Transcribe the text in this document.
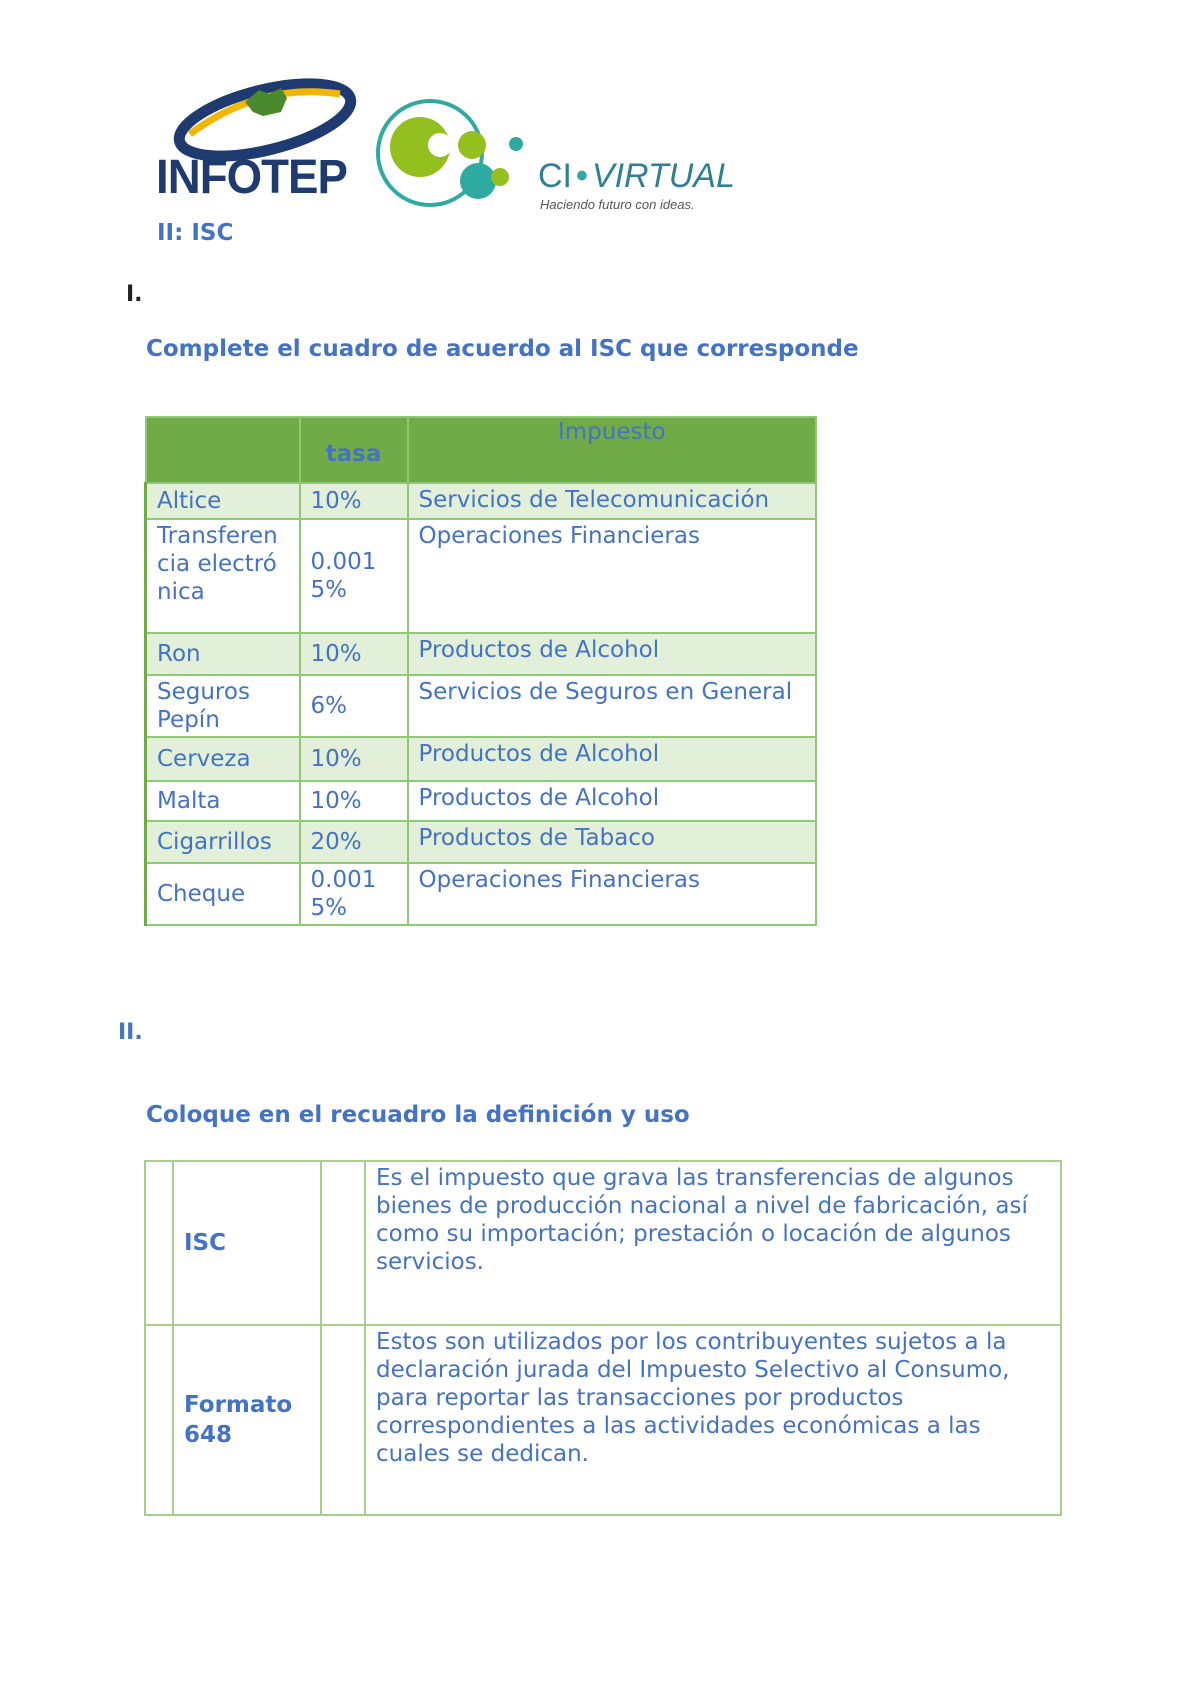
INFOTEP	CI • VIRTUAL
Haciendo futuro con ideas.
II: ISC
I.
Complete el cuadro de acuerdo al ISC que corresponde
	tasa	Impuesto
Altice	10%	Servicios de Telecomunicación
Transferencia electrónica	0.0015%	Operaciones Financieras
Ron	10%	Productos de Alcohol
Seguros Pepín	6%	Servicios de Seguros en General
Cerveza	10%	Productos de Alcohol
Malta	10%	Productos de Alcohol
Cigarrillos	20%	Productos de Tabaco
Cheque	0.0015%	Operaciones Financieras
II.
Coloque en el recuadro la definición y uso
	ISC		Es el impuesto que grava las transferencias de algunos bienes de producción nacional a nivel de fabricación, así como su importación; prestación o locación de algunos servicios.
	Formato 648		Estos son utilizados por los contribuyentes sujetos a la declaración jurada del Impuesto Selectivo al Consumo, para reportar las transacciones por productos correspondientes a las actividades económicas a las cuales se dedican.
